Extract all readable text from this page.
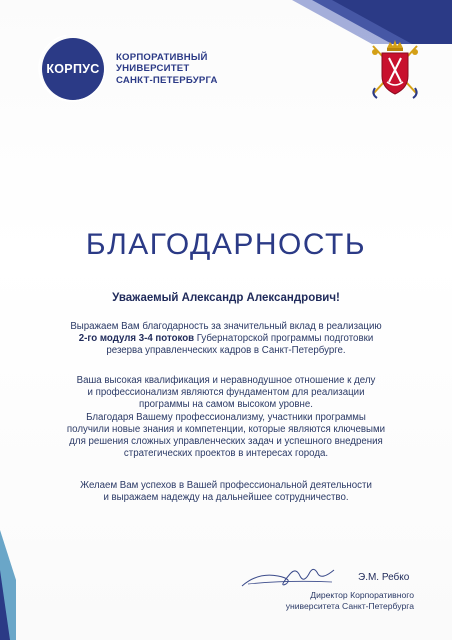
КОРПУС
КОРПОРАТИВНЫЙ
УНИВЕРСИТЕТ
САНКТ-ПЕТЕРБУРГА
БЛАГОДАРНОСТЬ
Уважаемый Александр Александрович!
Выражаем Вам благодарность за значительный вклад в реализацию
2-го модуля 3-4 потоков Губернаторской программы подготовки
резерва управленческих кадров в Санкт-Петербурге.
Ваша высокая квалификация и неравнодушное отношение к делу
и профессионализм являются фундаментом для реализации
программы на самом высоком уровне.
Благодаря Вашему профессионализму, участники программы
получили новые знания и компетенции, которые являются ключевыми
для решения сложных управленческих задач и успешного внедрения
стратегических проектов в интересах города.
Желаем Вам успехов в Вашей профессиональной деятельности
и выражаем надежду на дальнейшее сотрудничество.
Э.М. Ребко
Директор Корпоративного
университета Санкт-Петербурга
